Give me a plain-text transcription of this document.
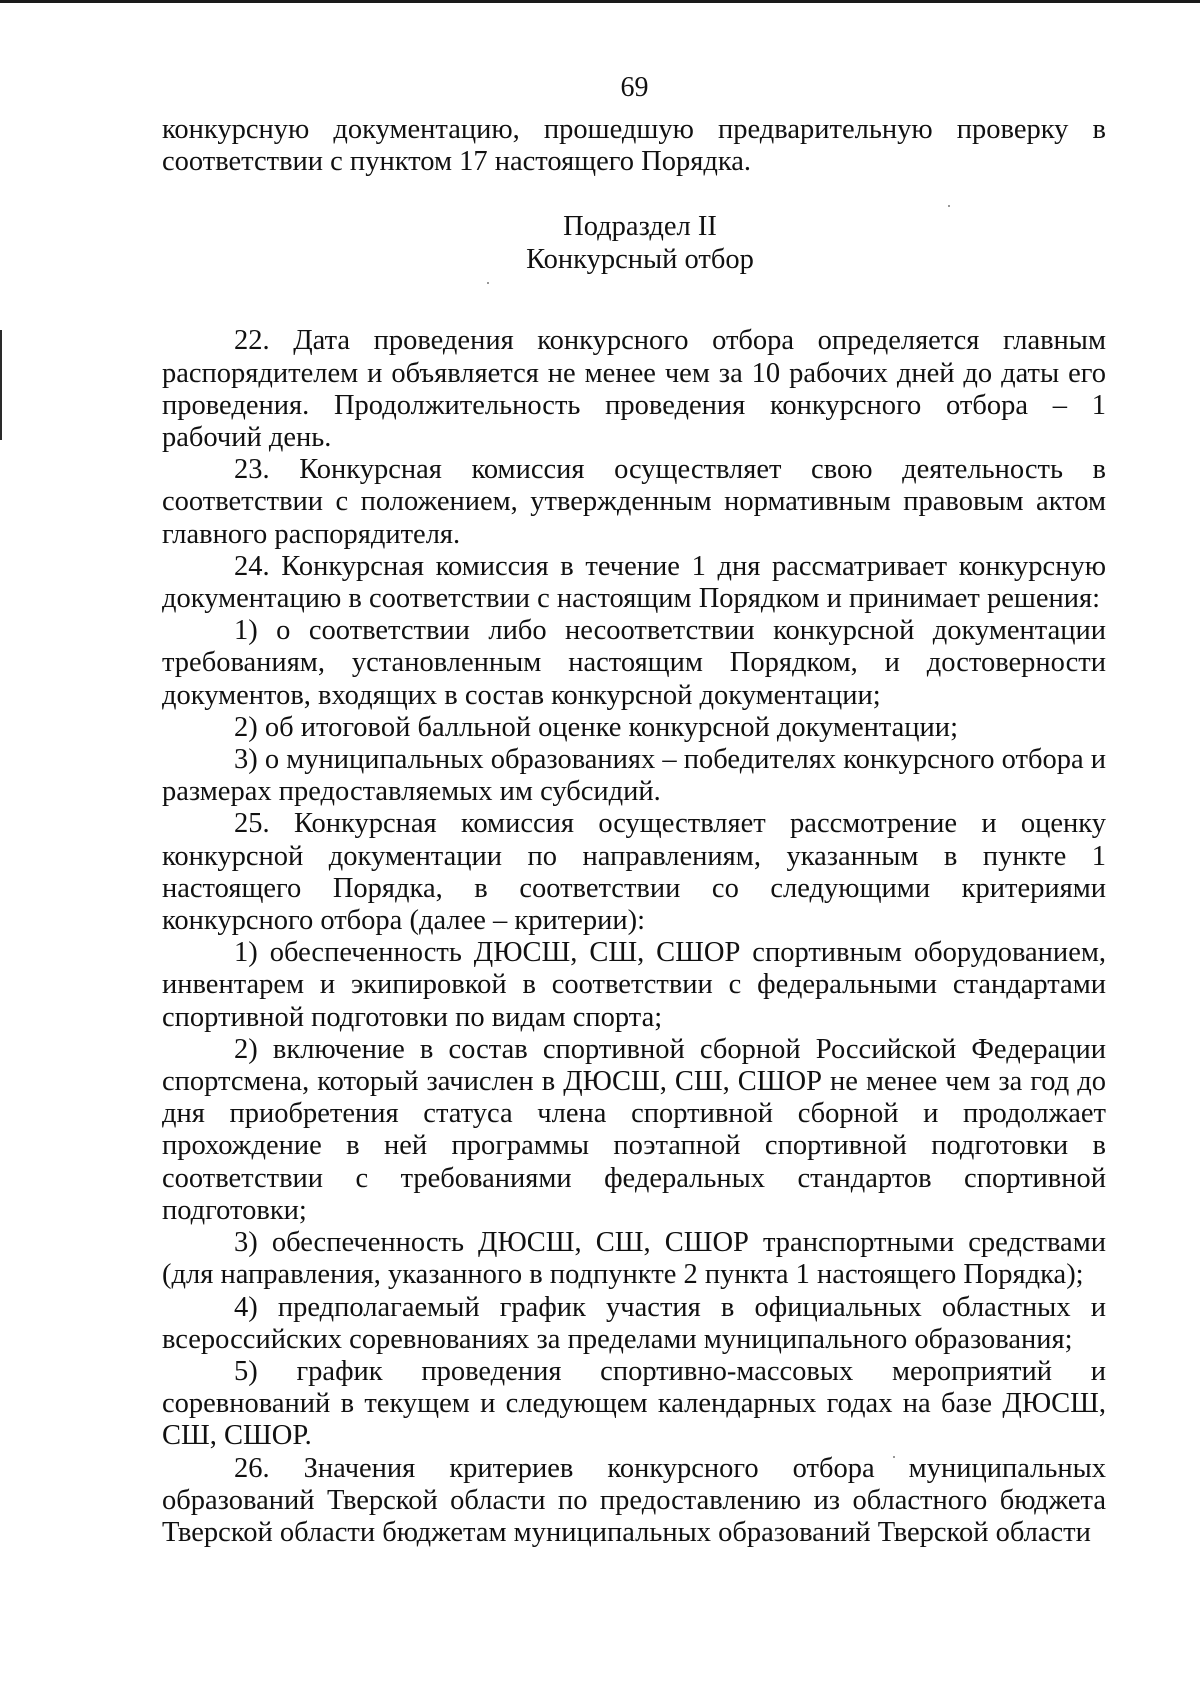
69

конкурсную документацию, прошедшую предварительную проверку в соответствии с пунктом 17 настоящего Порядка.

Подраздел II

Конкурсный отбор

22. Дата проведения конкурсного отбора определяется главным распорядителем и объявляется не менее чем за 10 рабочих дней до даты его проведения. Продолжительность проведения конкурсного отбора – 1 рабочий день.

23. Конкурсная комиссия осуществляет свою деятельность в соответствии с положением, утвержденным нормативным правовым актом главного распорядителя.

24. Конкурсная комиссия в течение 1 дня рассматривает конкурсную документацию в соответствии с настоящим Порядком и принимает решения:

1) о соответствии либо несоответствии конкурсной документации требованиям, установленным настоящим Порядком, и достоверности документов, входящих в состав конкурсной документации;

2) об итоговой балльной оценке конкурсной документации;

3) о муниципальных образованиях – победителях конкурсного отбора и размерах предоставляемых им субсидий.

25. Конкурсная комиссия осуществляет рассмотрение и оценку конкурсной документации по направлениям, указанным в пункте 1 настоящего Порядка, в соответствии со следующими критериями конкурсного отбора (далее – критерии):

1) обеспеченность ДЮСШ, СШ, СШОР спортивным оборудованием, инвентарем и экипировкой в соответствии с федеральными стандартами спортивной подготовки по видам спорта;

2) включение в состав спортивной сборной Российской Федерации спортсмена, который зачислен в ДЮСШ, СШ, СШОР не менее чем за год до дня приобретения статуса члена спортивной сборной и продолжает прохождение в ней программы поэтапной спортивной подготовки в соответствии с требованиями федеральных стандартов спортивной подготовки;

3) обеспеченность ДЮСШ, СШ, СШОР транспортными средствами (для направления, указанного в подпункте 2 пункта 1 настоящего Порядка);

4) предполагаемый график участия в официальных областных и всероссийских соревнованиях за пределами муниципального образования;

5) график проведения спортивно-массовых мероприятий и соревнований в текущем и следующем календарных годах на базе ДЮСШ, СШ, СШОР.

26. Значения критериев конкурсного отбора муниципальных образований Тверской области по предоставлению из областного бюджета Тверской области бюджетам муниципальных образований Тверской области
